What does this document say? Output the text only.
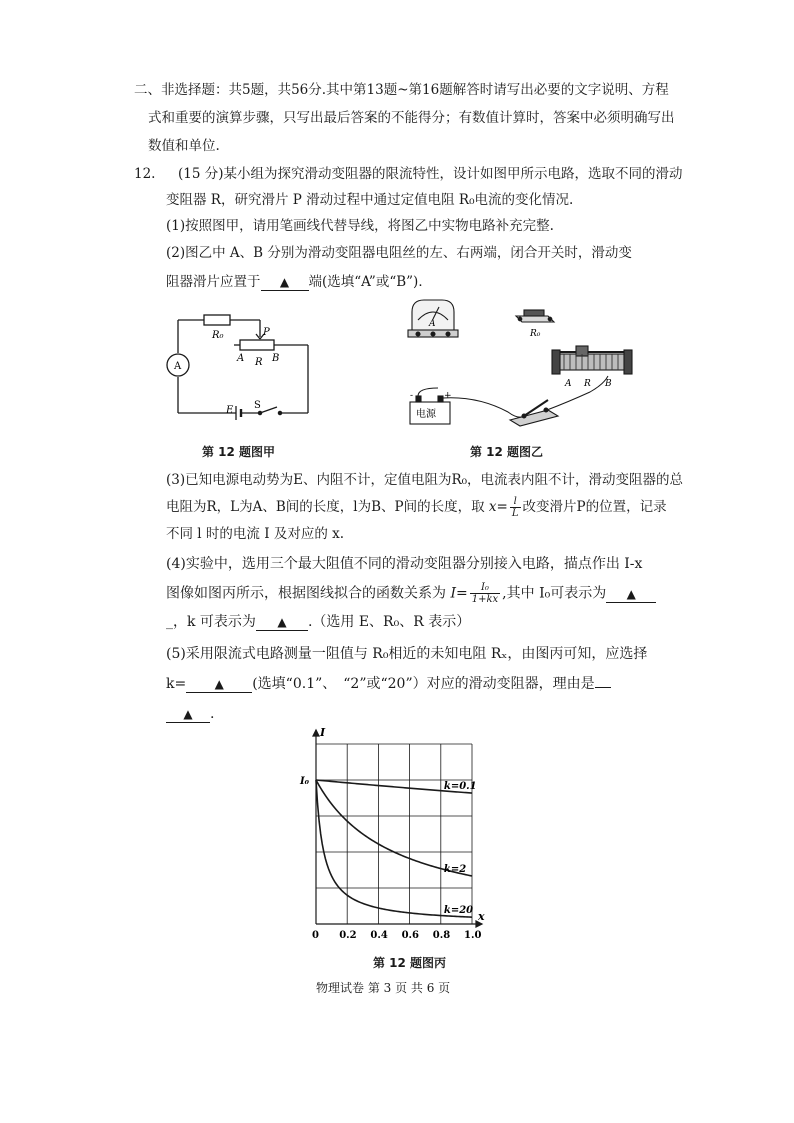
二、非选择题：共5题，共56分.其中第13题~第16题解答时请写出必要的文字说明、方程
式和重要的演算步骤，只写出最后答案的不能得分；有数值计算时，答案中必须明确写出
数值和单位.
12. (15 分)某小组为探究滑动变阻器的限流特性，设计如图甲所示电路，选取不同的滑动
变阻器 R，研究滑片 P 滑动过程中通过定值电阻 R₀电流的变化情况.
(1)按照图甲，请用笔画线代替导线，将图乙中实物电路补充完整.
(2)图乙中 A、B 分别为滑动变阻器电阻丝的左、右两端，闭合开关时，滑动变
阻器滑片应置于 ▲ 端(选填“A”或“B”)．
R₀	P
A R B
A
E S
第 12 题图甲
A
R₀
A R B
电源
-	+
第 12 题图乙
(3)已知电源电动势为E、内阻不计，定值电阻为R₀，电流表内阻不计，滑动变阻器的总
电阻为R，L为A、B间的长度，l为B、P间的长度，取 $x= \frac{l}{L}$ 改变滑片P的位置，记录
不同 l 时的电流 I 及对应的 x.
(4)实验中，选用三个最大阻值不同的滑动变阻器分别接入电路，描点作出 I-x
图像如图丙所示，根据图线拟合的函数关系为 $I= \frac{\text{I₀}}{1+kx}$ ,其中 I₀可表示为 ▲
_，k 可表示为 ▲ .（选用 E、R₀、R 表示）
(5)采用限流式电路测量一阻值与 R₀相近的未知电阻 Rₓ，由图丙可知，应选择
k= ▲ (选填“0.1”、　“2”或“20”）对应的滑动变阻器，理由是
▲ .
0.2 0.4 0.6 0.8 1.0
k=0.1
k=2
k=20
I
x
I₀
0
第 12 题图丙
物理试卷 第 3 页 共 6 页
